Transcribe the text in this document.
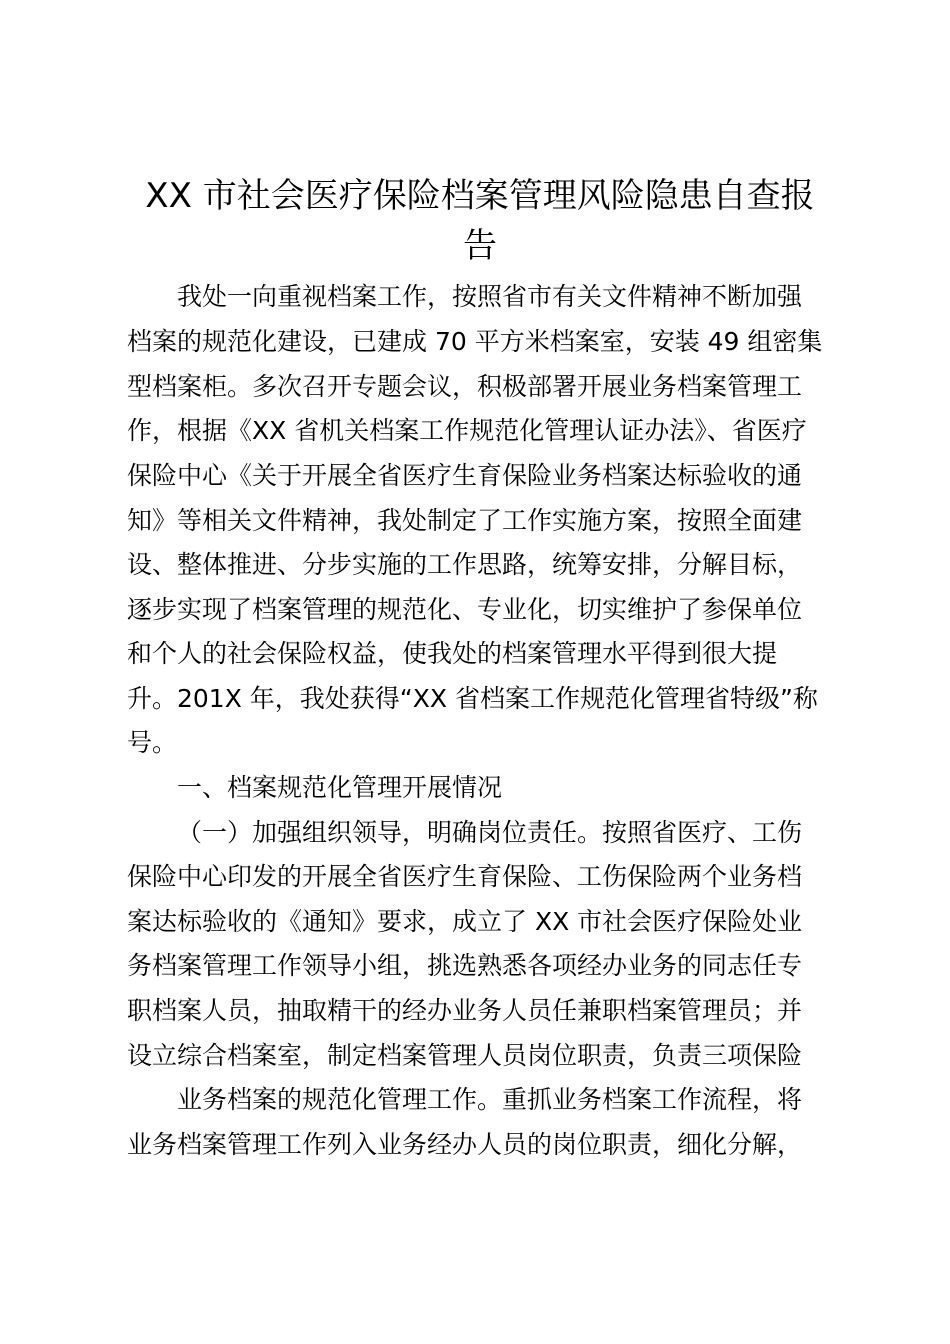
XX 市社会医疗保险档案管理风险隐患自查报
告

我处一向重视档案工作，按照省市有关文件精神不断加强

档案的规范化建设，已建成 70 平方米档案室，安装 49 组密集

型档案柜。多次召开专题会议，积极部署开展业务档案管理工

作，根据《XX 省机关档案工作规范化管理认证办法》、省医疗

保险中心《关于开展全省医疗生育保险业务档案达标验收的通

知》等相关文件精神，我处制定了工作实施方案，按照全面建

设、整体推进、分步实施的工作思路，统筹安排，分解目标，

逐步实现了档案管理的规范化、专业化，切实维护了参保单位

和个人的社会保险权益，使我处的档案管理水平得到很大提

升。201X 年，我处获得“XX 省档案工作规范化管理省特级”称

号。

一、档案规范化管理开展情况

（一）加强组织领导，明确岗位责任。按照省医疗、工伤

保险中心印发的开展全省医疗生育保险、工伤保险两个业务档

案达标验收的《通知》要求，成立了 XX 市社会医疗保险处业

务档案管理工作领导小组，挑选熟悉各项经办业务的同志任专

职档案人员，抽取精干的经办业务人员任兼职档案管理员；并

设立综合档案室，制定档案管理人员岗位职责，负责三项保险

业务档案的规范化管理工作。重抓业务档案工作流程，将

业务档案管理工作列入业务经办人员的岗位职责，细化分解，
